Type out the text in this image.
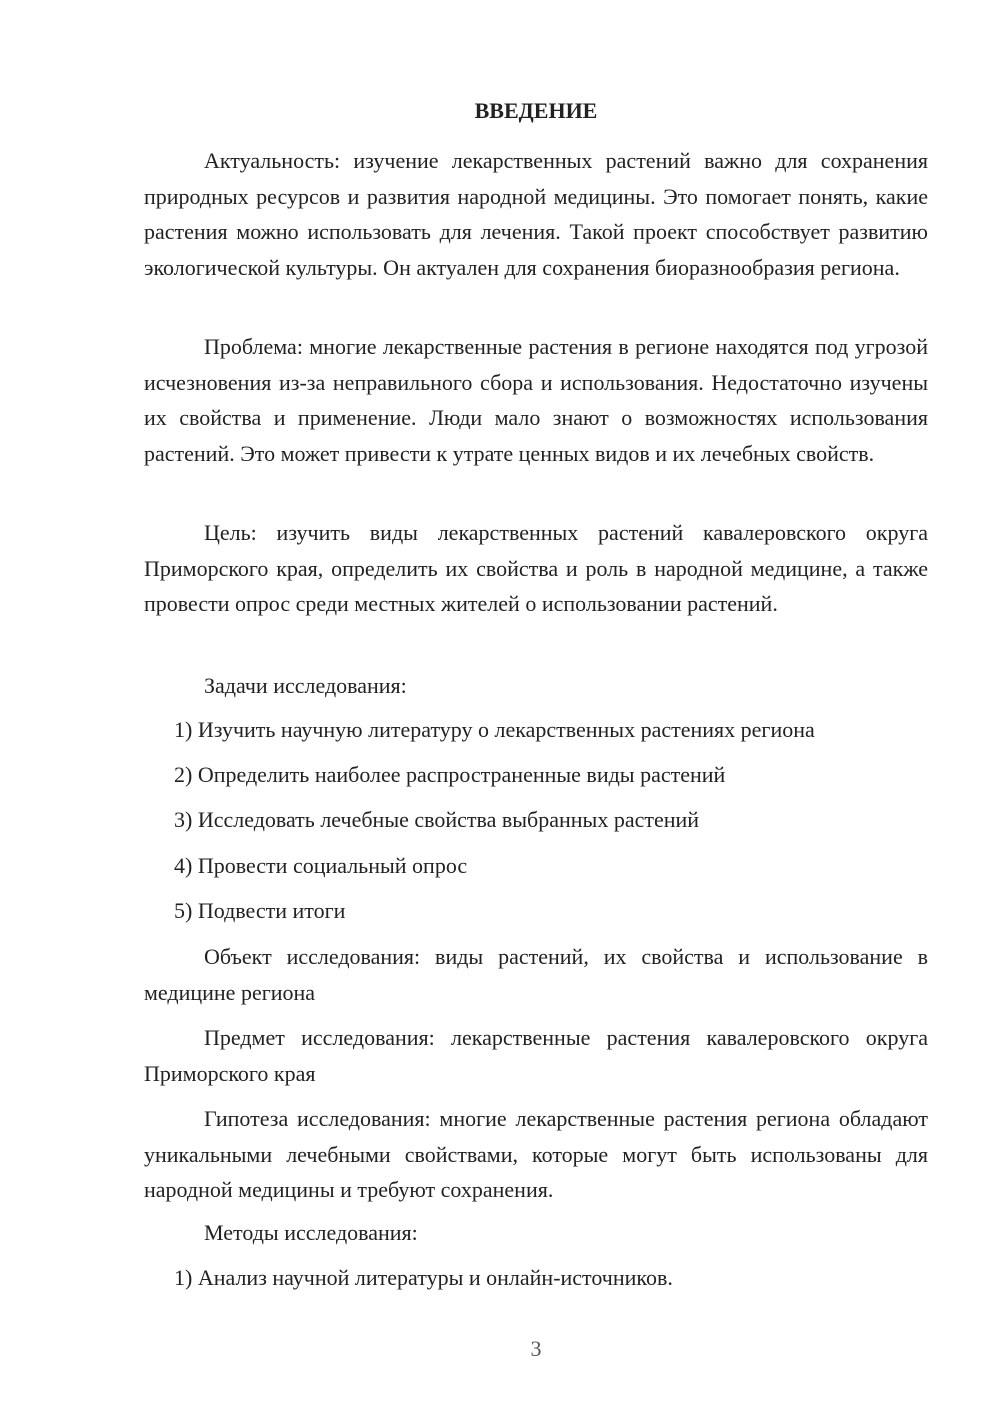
ВВЕДЕНИЕ

Актуальность: изучение лекарственных растений важно для сохранения природных ресурсов и развития народной медицины. Это помогает понять, какие растения можно использовать для лечения. Такой проект способствует развитию экологической культуры. Он актуален для сохранения биоразнообразия региона.

Проблема: многие лекарственные растения в регионе находятся под угрозой исчезновения из-за неправильного сбора и использования. Недостаточно изучены их свойства и применение. Люди мало знают о возможностях использования растений. Это может привести к утрате ценных видов и их лечебных свойств.

Цель: изучить виды лекарственных растений кавалеровского округа Приморского края, определить их свойства и роль в народной медицине, а также провести опрос среди местных жителей о использовании растений.

Задачи исследования:

1) Изучить научную литературу о лекарственных растениях региона

2) Определить наиболее распространенные виды растений

3) Исследовать лечебные свойства выбранных растений

4) Провести социальный опрос

5) Подвести итоги

Объект исследования: виды растений, их свойства и использование в медицине региона

Предмет исследования: лекарственные растения кавалеровского округа Приморского края

Гипотеза исследования: многие лекарственные растения региона обладают уникальными лечебными свойствами, которые могут быть использованы для народной медицины и требуют сохранения.

Методы исследования:

1) Анализ научной литературы и онлайн-источников.

3
